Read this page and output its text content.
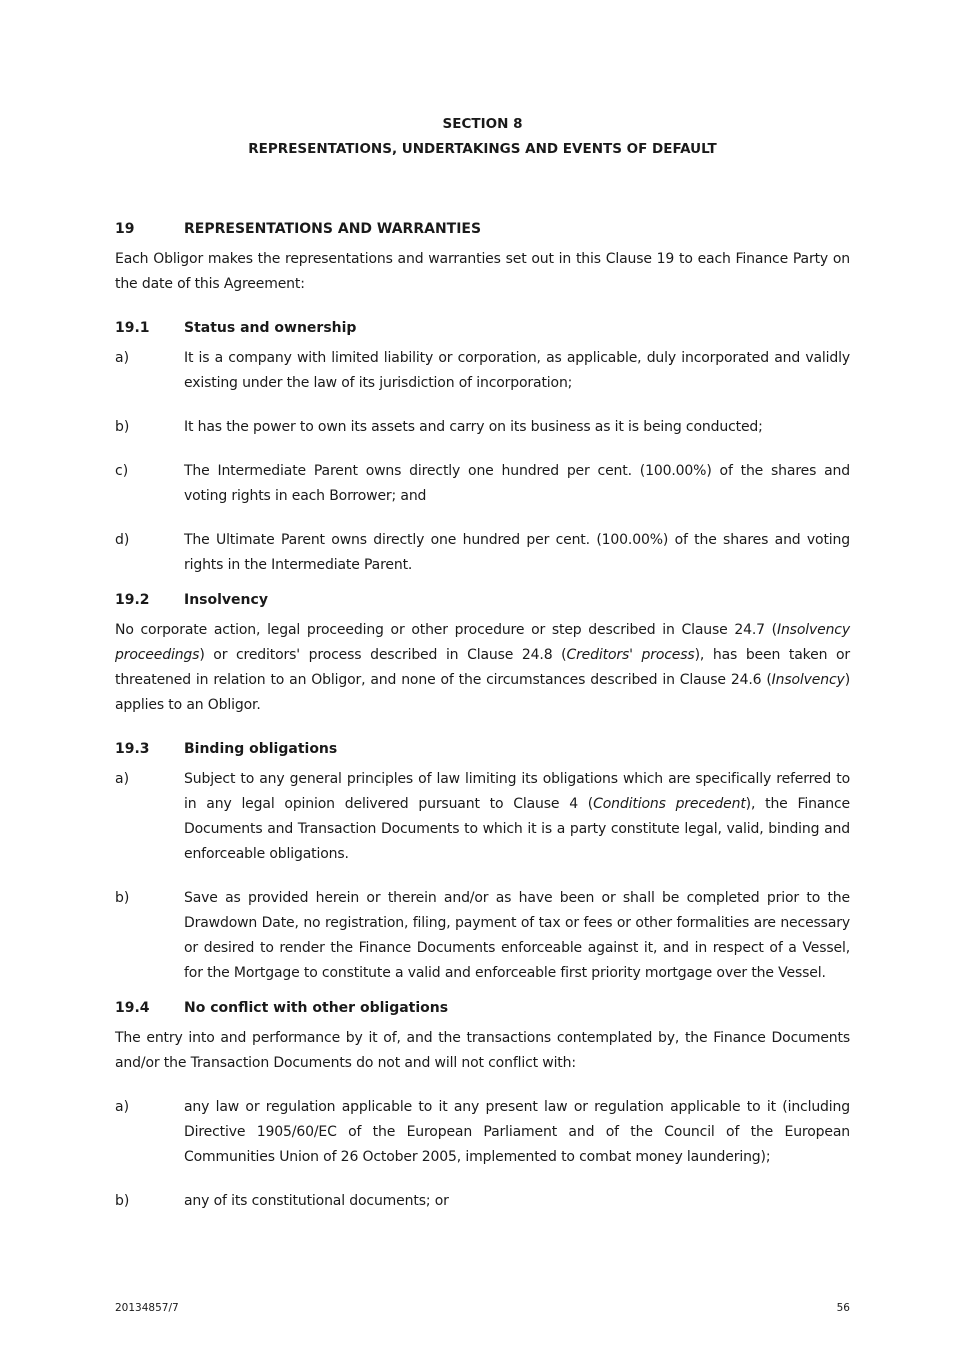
SECTION 8
REPRESENTATIONS, UNDERTAKINGS AND EVENTS OF DEFAULT
19	REPRESENTATIONS AND WARRANTIES

Each Obligor makes the representations and warranties set out in this Clause 19 to each Finance Party on the date of this Agreement:

19.1	Status and ownership
a)	It is a company with limited liability or corporation, as applicable, duly incorporated and validly existing under the law of its jurisdiction of incorporation;
b)	It has the power to own its assets and carry on its business as it is being conducted;
c)	The Intermediate Parent owns directly one hundred per cent. (100.00%) of the shares and voting rights in each Borrower; and
d)	The Ultimate Parent owns directly one hundred per cent. (100.00%) of the shares and voting rights in the Intermediate Parent.
19.2	Insolvency

No corporate action, legal proceeding or other procedure or step described in Clause 24.7 (Insolvency proceedings) or creditors' process described in Clause 24.8 (Creditors' process), has been taken or threatened in relation to an Obligor, and none of the circumstances described in Clause 24.6 (Insolvency) applies to an Obligor.

19.3	Binding obligations
a)	Subject to any general principles of law limiting its obligations which are specifically referred to in any legal opinion delivered pursuant to Clause 4 (Conditions precedent), the Finance Documents and Transaction Documents to which it is a party constitute legal, valid, binding and enforceable obligations.
b)	Save as provided herein or therein and/or as have been or shall be completed prior to the Drawdown Date, no registration, filing, payment of tax or fees or other formalities are necessary or desired to render the Finance Documents enforceable against it, and in respect of a Vessel, for the Mortgage to constitute a valid and enforceable first priority mortgage over the Vessel.
19.4	No conflict with other obligations

The entry into and performance by it of, and the transactions contemplated by, the Finance Documents and/or the Transaction Documents do not and will not conflict with:

a)	any law or regulation applicable to it any present law or regulation applicable to it (including Directive 1905/60/EC of the European Parliament and of the Council of the European Communities Union of 26 October 2005, implemented to combat money laundering);
b)	any of its constitutional documents; or
20134857/7	56
